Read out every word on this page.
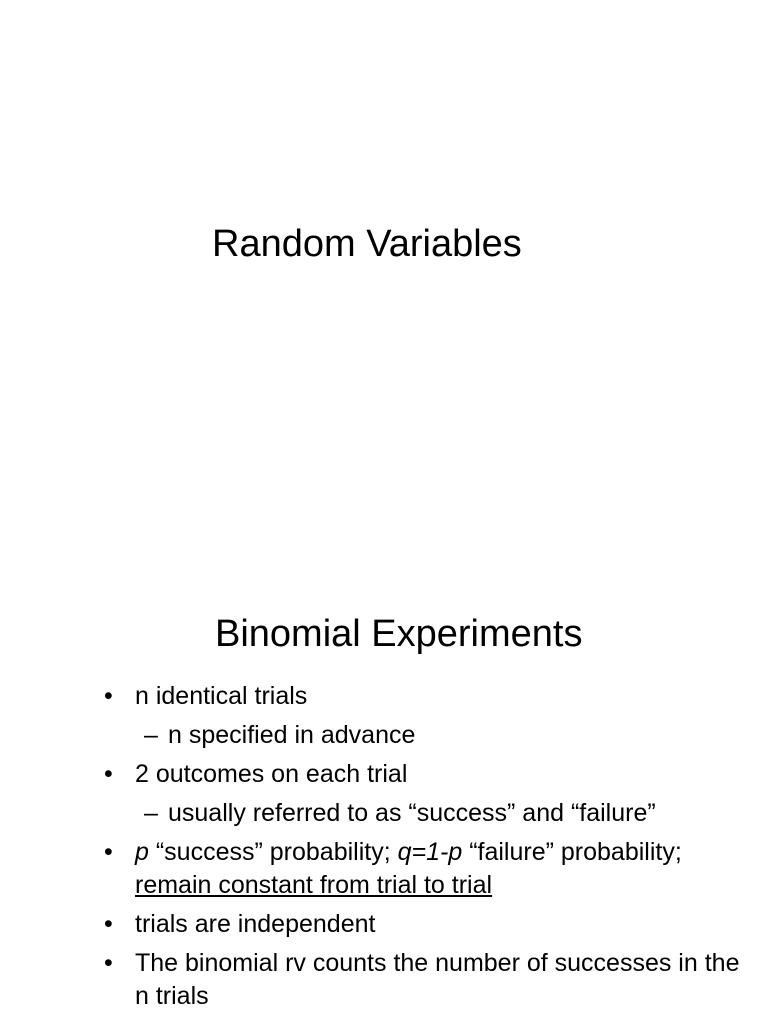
Random Variables
Binomial Experiments
• n identical trials
– n specified in advance
• 2 outcomes on each trial
– usually referred to as “success” and “failure”
• p “success” probability; q=1-p “failure” probability; remain constant from trial to trial
• trials are independent
• The binomial rv counts the number of successes in the n trials
